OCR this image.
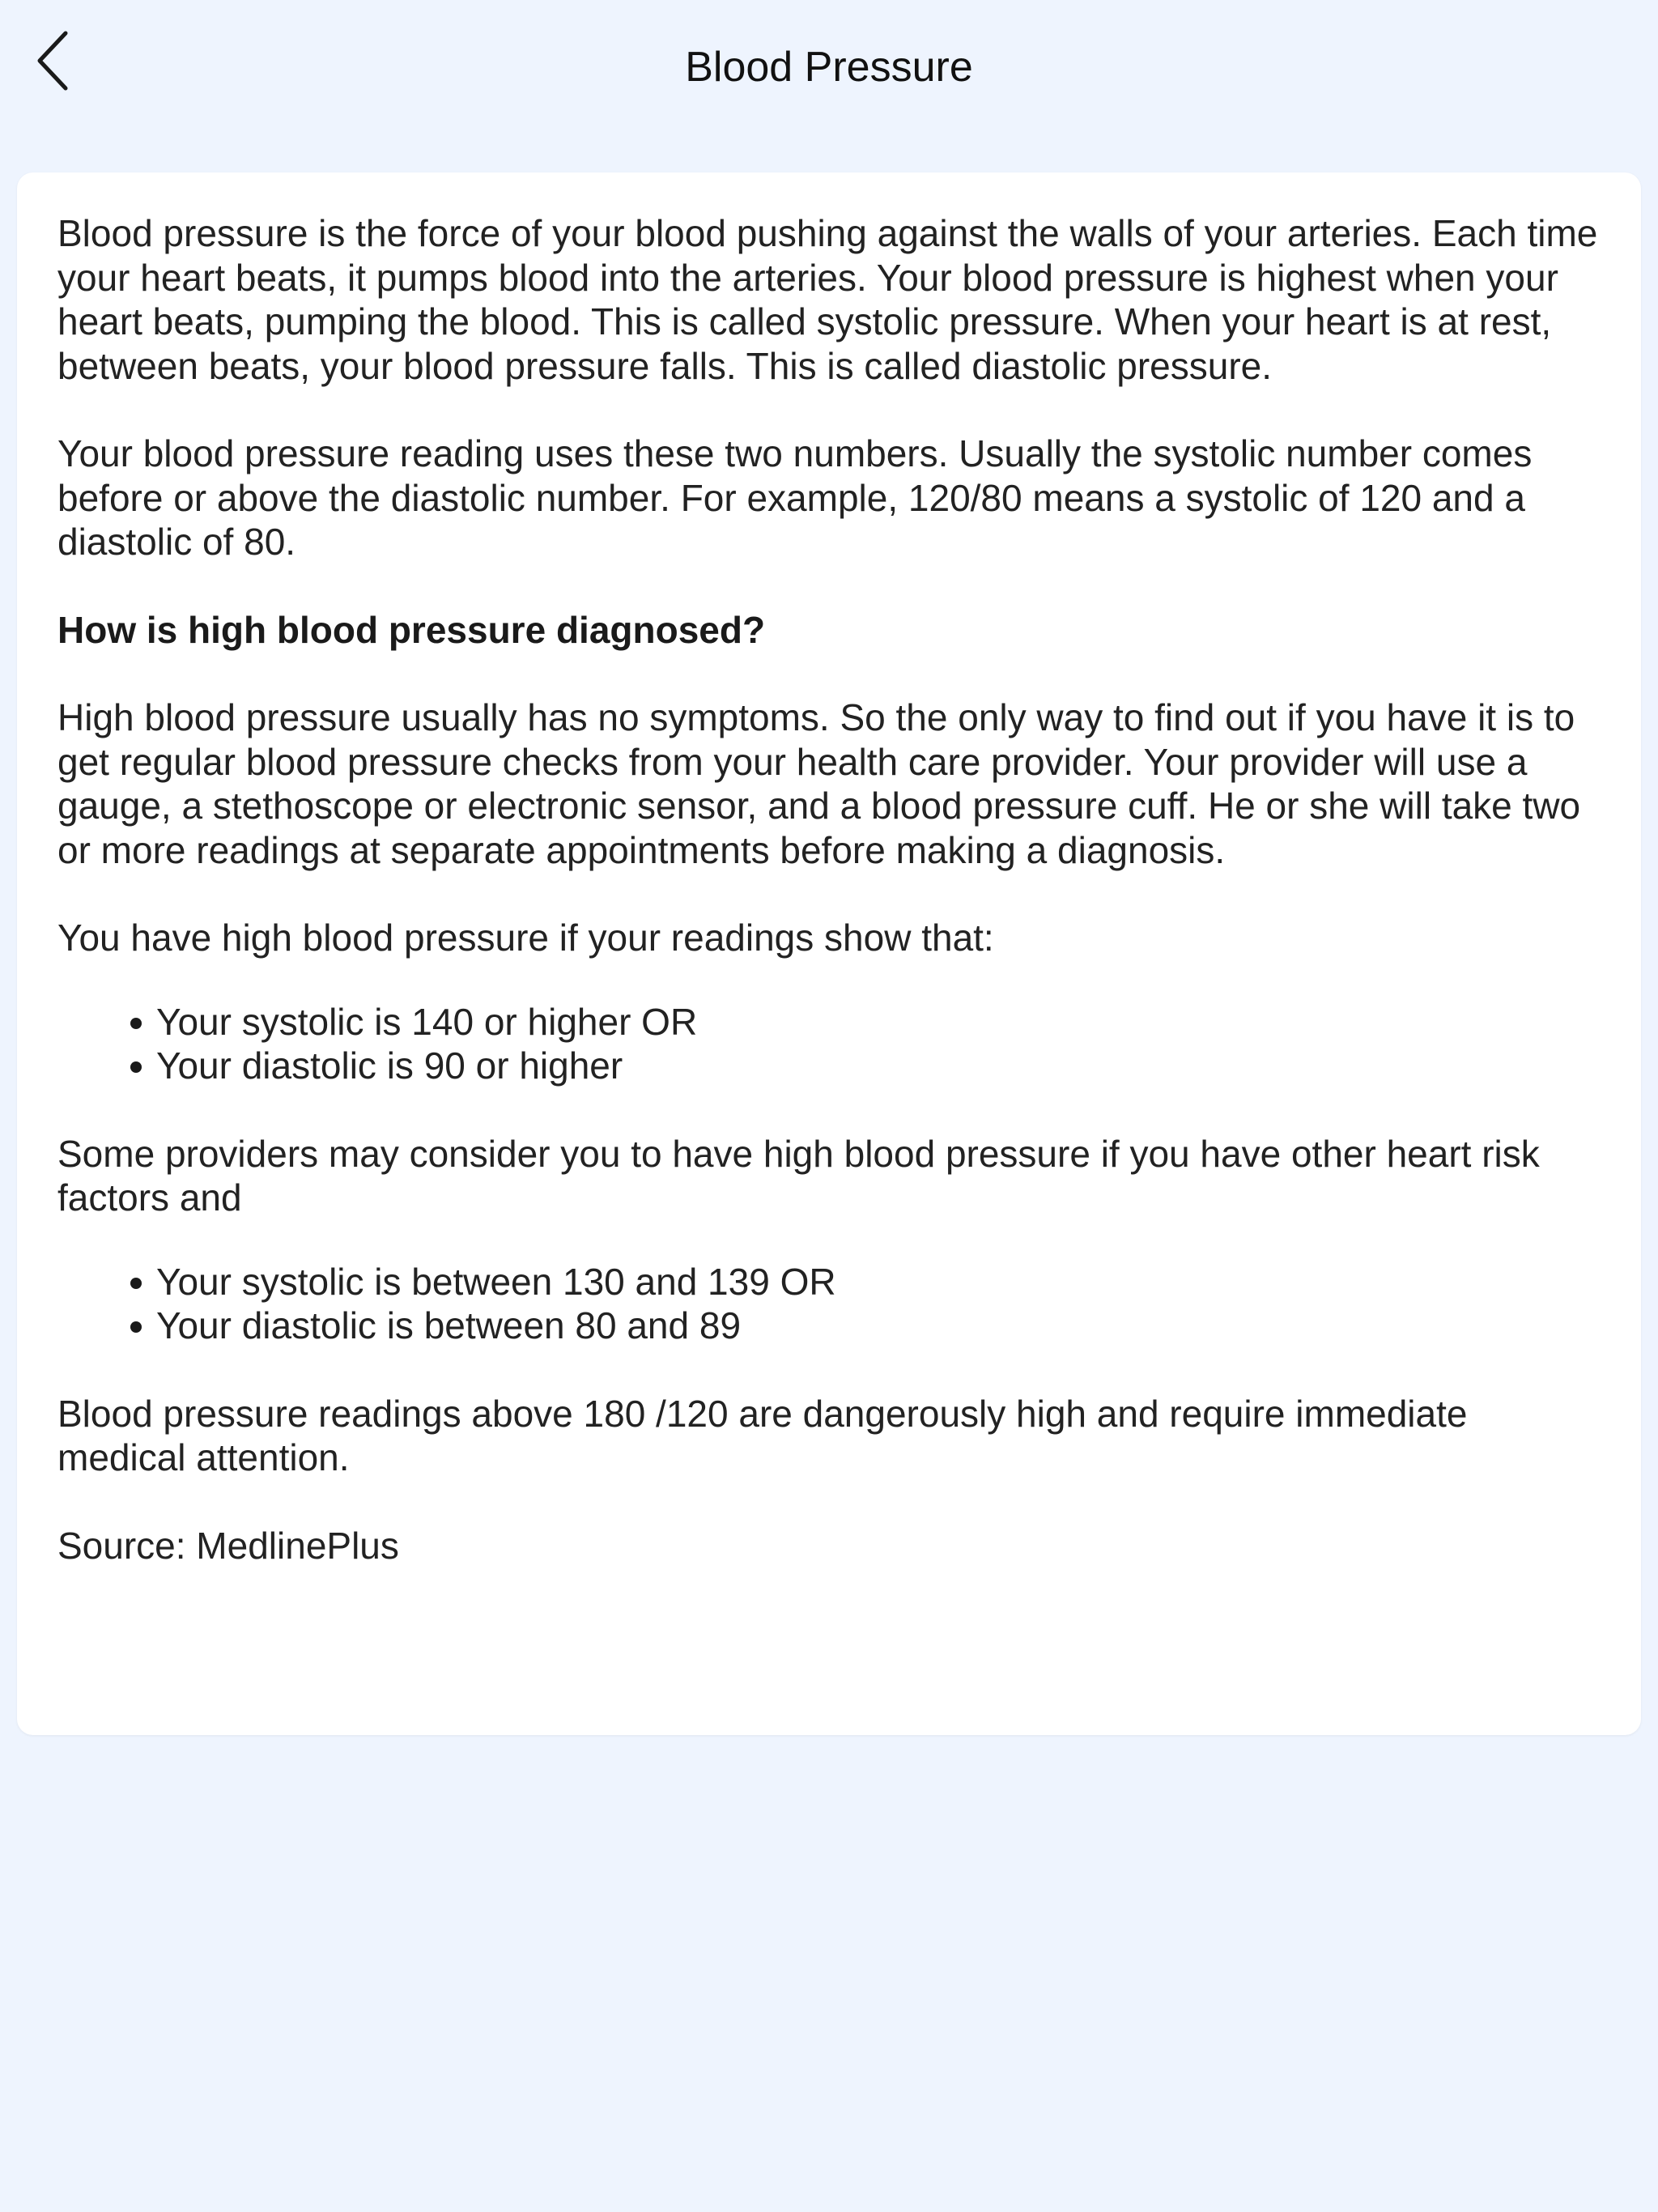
Blood Pressure

Blood pressure is the force of your blood pushing against the walls of your arteries. Each time your heart beats, it pumps blood into the arteries. Your blood pressure is highest when your heart beats, pumping the blood. This is called systolic pressure. When your heart is at rest, between beats, your blood pressure falls. This is called diastolic pressure.

Your blood pressure reading uses these two numbers. Usually the systolic number comes before or above the diastolic number. For example, 120/80 means a systolic of 120 and a diastolic of 80.

How is high blood pressure diagnosed?

High blood pressure usually has no symptoms. So the only way to find out if you have it is to get regular blood pressure checks from your health care provider. Your provider will use a gauge, a stethoscope or electronic sensor, and a blood pressure cuff. He or she will take two or more readings at separate appointments before making a diagnosis.

You have high blood pressure if your readings show that:

Your systolic is 140 or higher OR
Your diastolic is 90 or higher

Some providers may consider you to have high blood pressure if you have other heart risk factors and

Your systolic is between 130 and 139 OR
Your diastolic is between 80 and 89

Blood pressure readings above 180 /120 are dangerously high and require immediate medical attention.

Source: MedlinePlus
